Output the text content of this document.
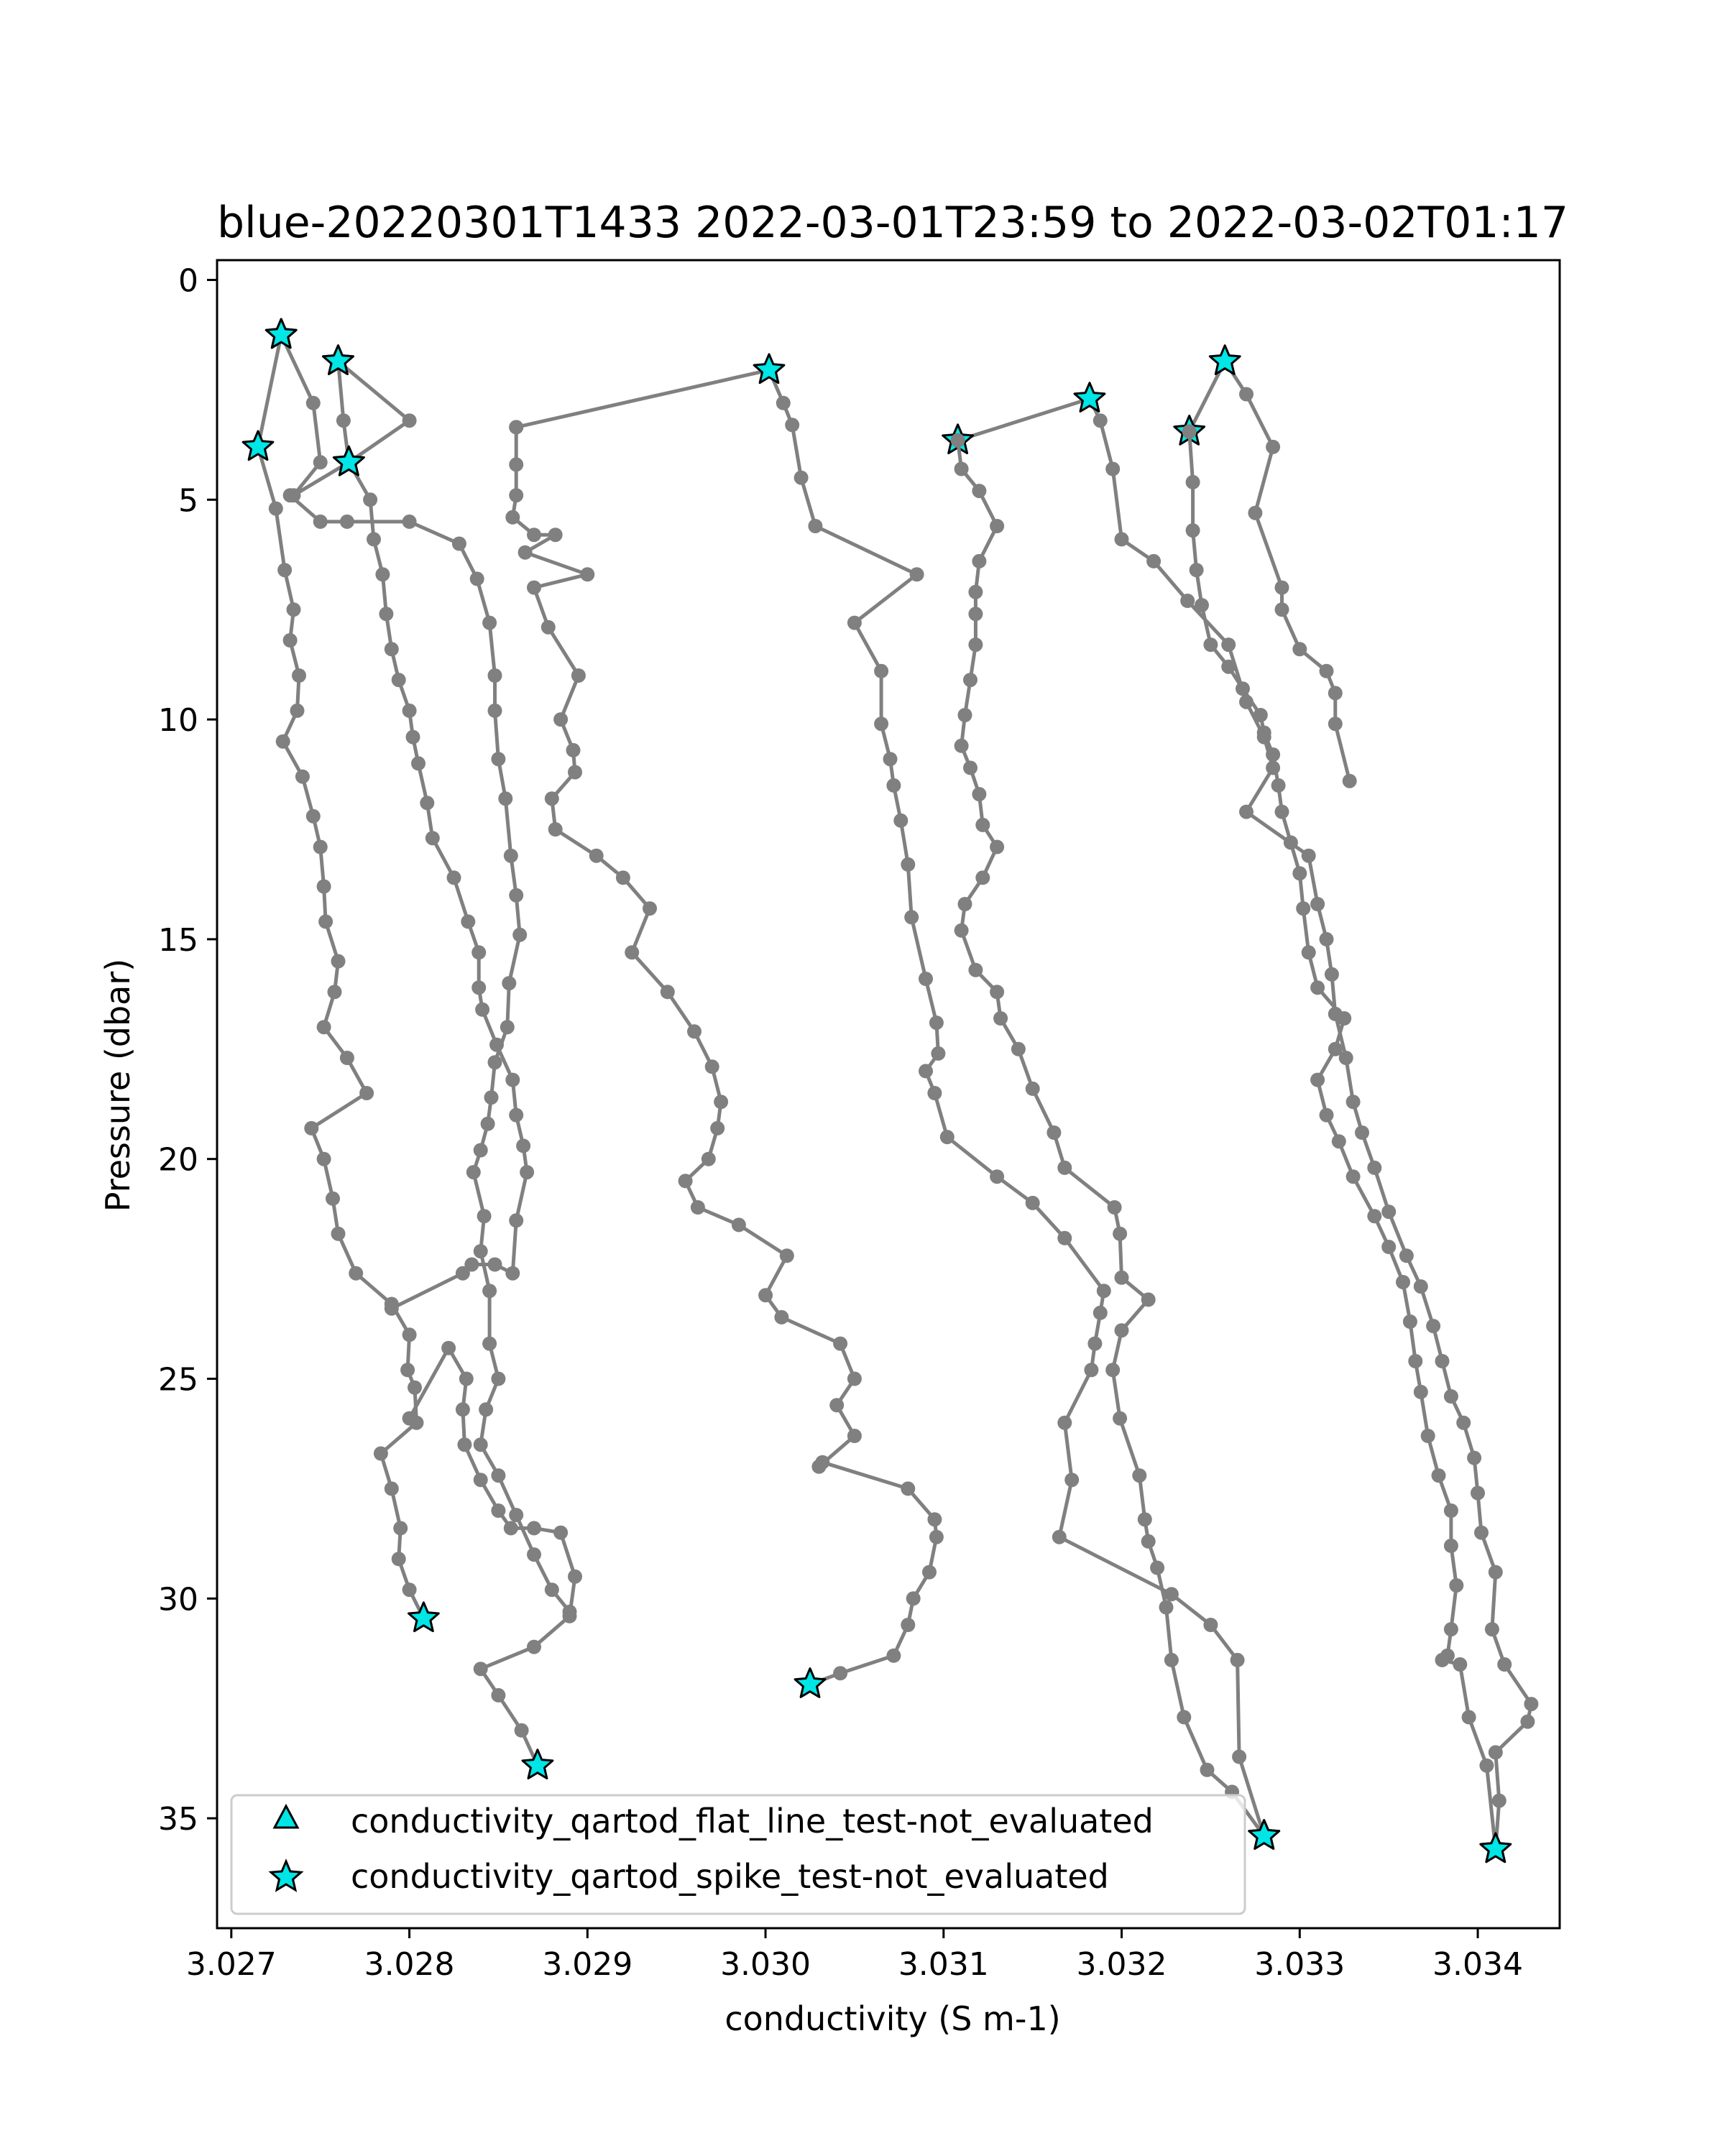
blue-20220301T1433 2022-03-01T23:59 to 2022-03-02T01:17
3.027	3.028	3.029	3.030	3.031	3.032	3.033	3.034
0
5
10
15
20
25
30
35
conductivity (S m-1)
Pressure (dbar)
conductivity_qartod_flat_line_test-not_evaluated
conductivity_qartod_spike_test-not_evaluated
